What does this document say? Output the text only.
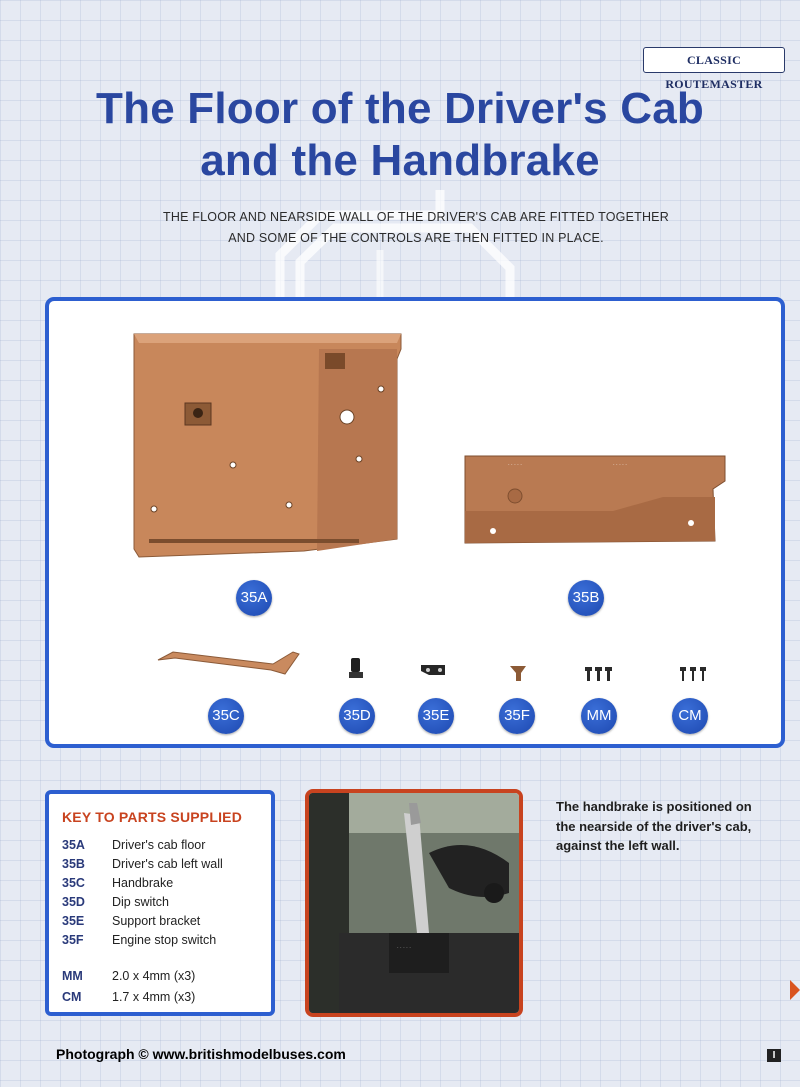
CLASSIC ROUTEMASTER
The Floor of the Driver's Cab
and the Handbrake
THE FLOOR AND NEARSIDE WALL OF THE DRIVER'S CAB ARE FITTED TOGETHER
AND SOME OF THE CONTROLS ARE THEN FITTED IN PLACE.
35A
· · · · ·	· · · · ·
35B
35C	35D	35E	35F	MM	CM
KEY TO PARTS SUPPLIED
35A	Driver's cab floor
35B	Driver's cab left wall
35C	Handbrake
35D	Dip switch
35E	Support bracket
35F	Engine stop switch
MM	2.0 x 4mm (x3)
CM	1.7 x 4mm (x3)
· · · · ·
The handbrake is positioned on the nearside of the driver's cab, against the left wall.
Photograph © www.britishmodelbuses.com	I
